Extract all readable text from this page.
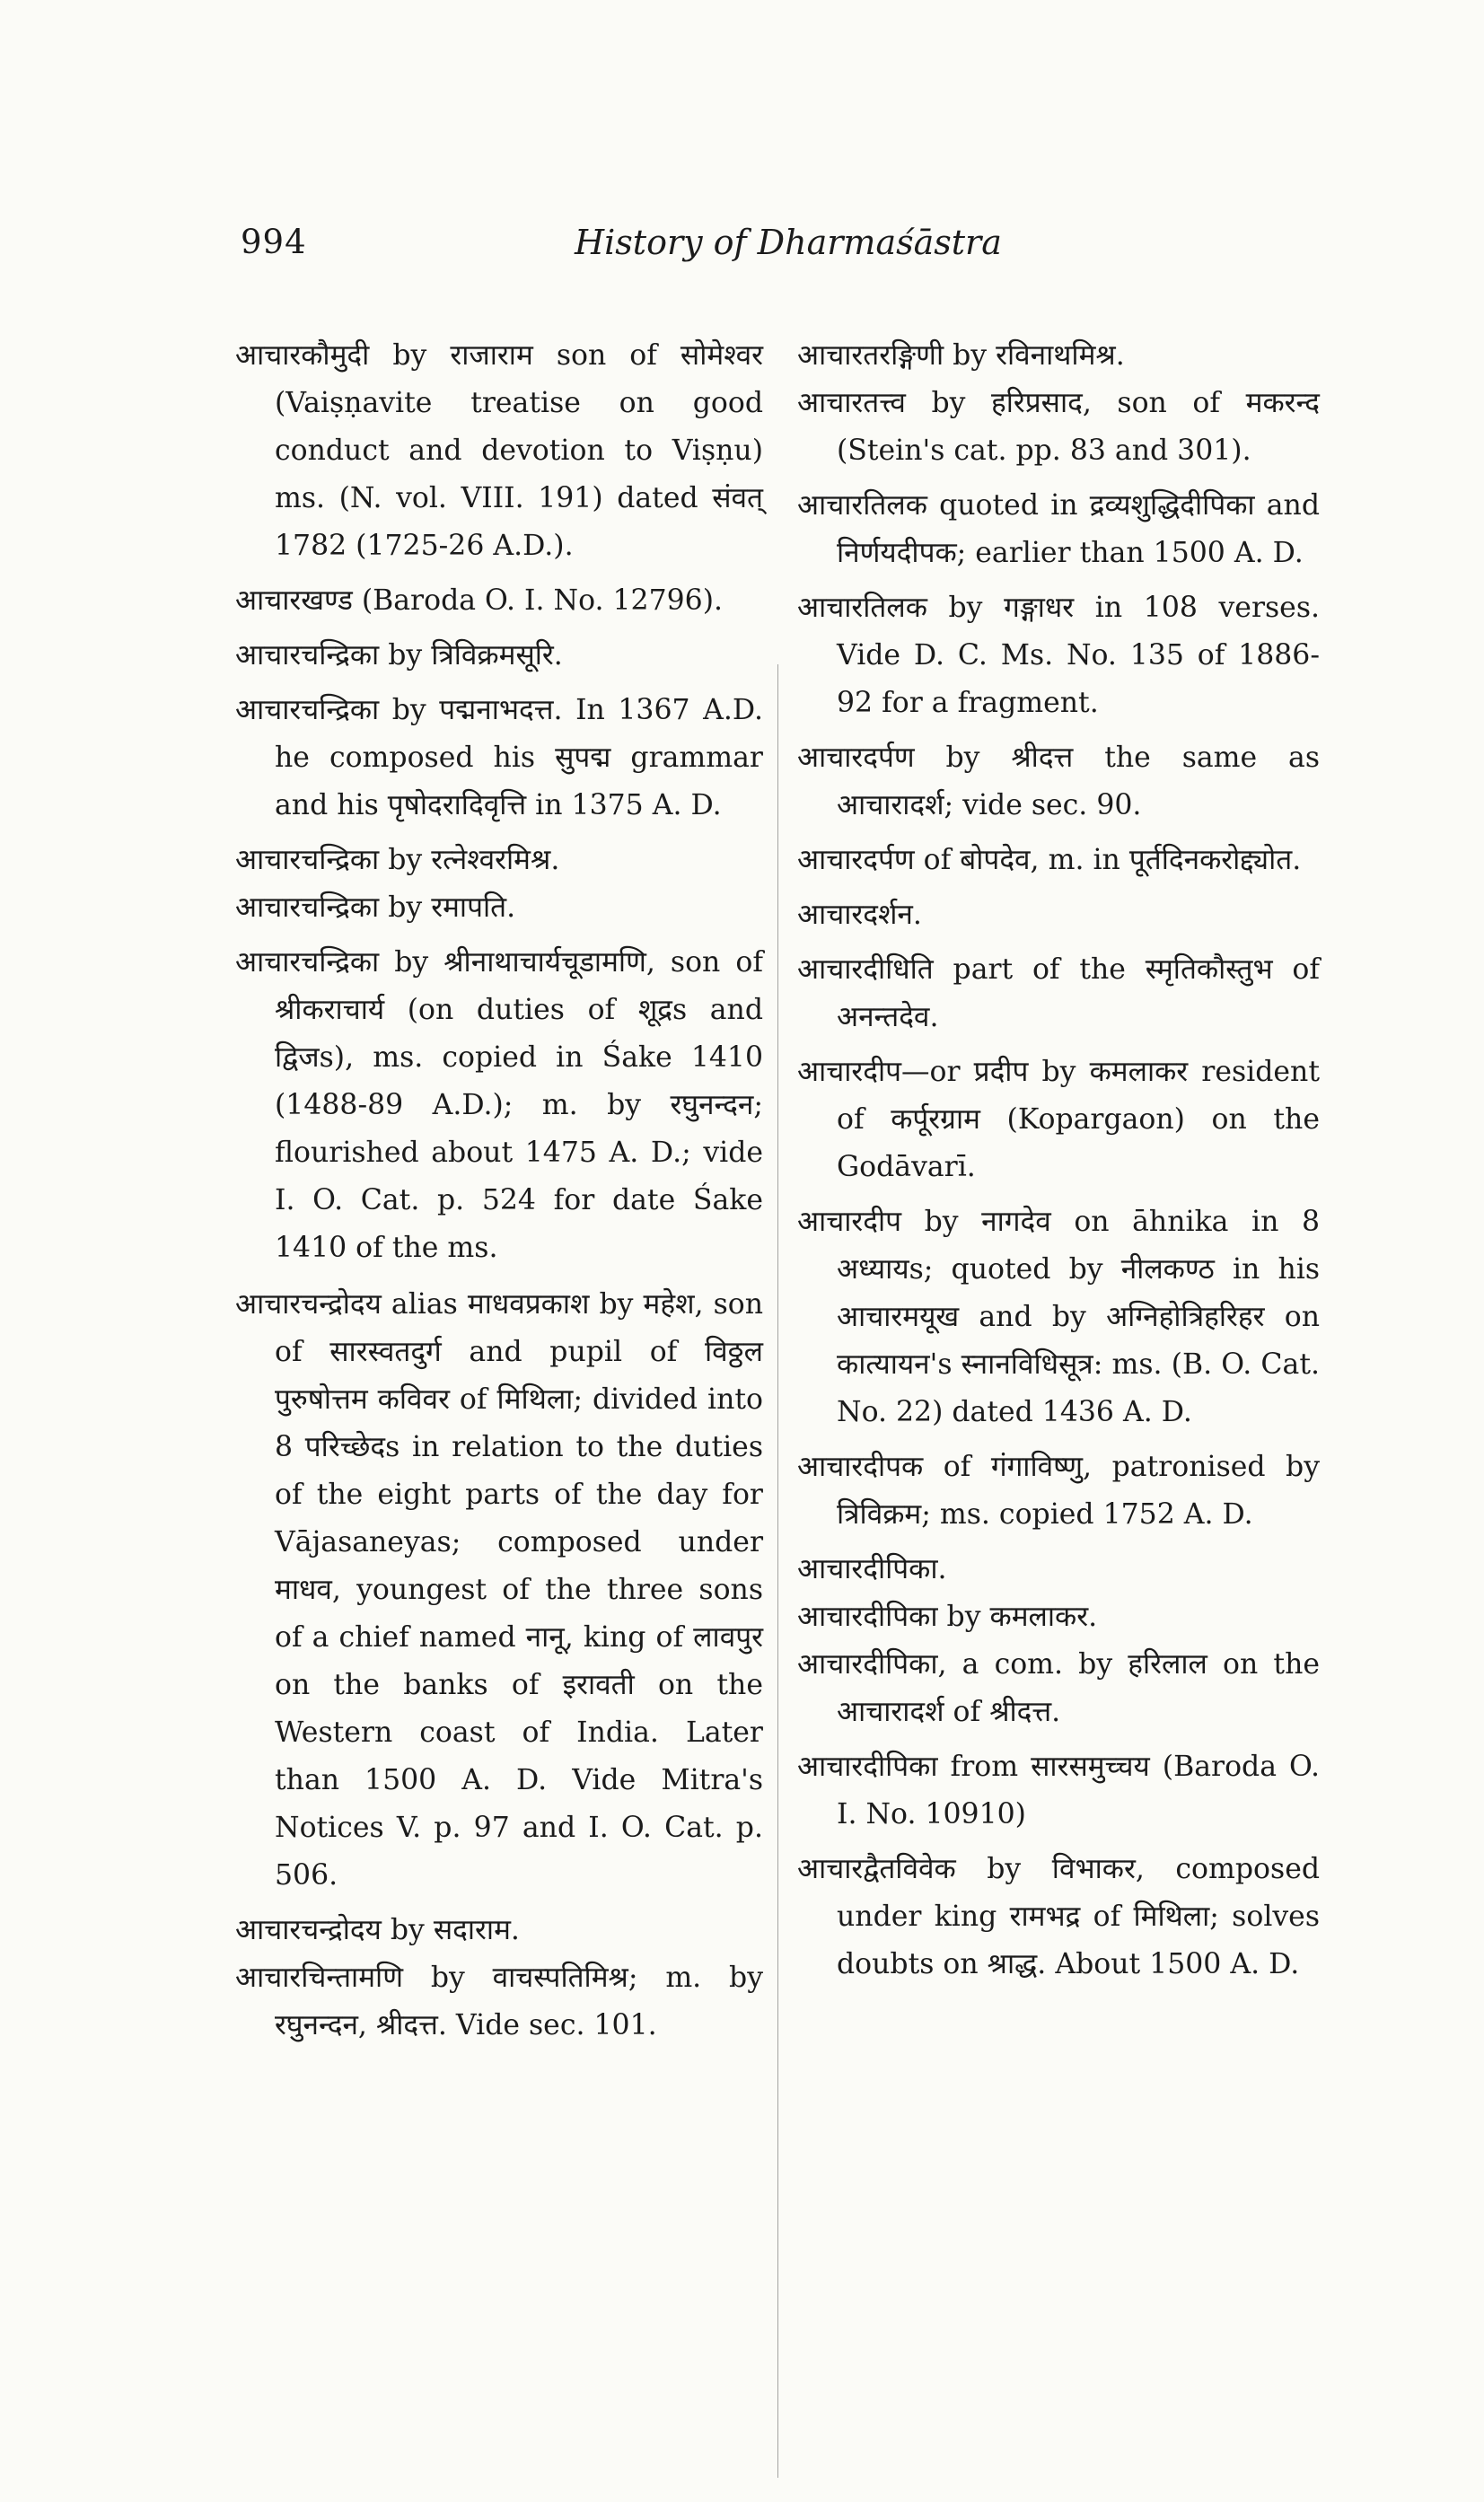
994	History of Dharmaśāstra

आचारकौमुदी by राजाराम son of सोमेश्वर (Vaiṣṇavite treatise on good conduct and devotion to Viṣṇu) ms. (N. vol. VIII. 191) dated संवत् 1782 (1725-26 A.D.).

आचारखण्ड (Baroda O. I. No. 12796).

आचारचन्द्रिका by त्रिविक्रमसूरि.

आचारचन्द्रिका by पद्मनाभदत्त. In 1367 A.D. he composed his सुपद्म grammar and his पृषोदरादिवृत्ति in 1375 A. D.

आचारचन्द्रिका by रत्नेश्वरमिश्र.

आचारचन्द्रिका by रमापति.

आचारचन्द्रिका by श्रीनाथाचार्यचूडामणि, son of श्रीकराचार्य (on duties of शूद्रs and द्विजs), ms. copied in Śake 1410 (1488-89 A.D.); m. by रघुनन्दन; flourished about 1475 A. D.; vide I. O. Cat. p. 524 for date Śake 1410 of the ms.

आचारचन्द्रोदय alias माधवप्रकाश by महेश, son of सारस्वतदुर्ग and pupil of विठ्ठल पुरुषोत्तम कविवर of मिथिला; divided into 8 परिच्छेदs in relation to the duties of the eight parts of the day for Vājasaneyas; composed under माधव, youngest of the three sons of a chief named नानू, king of लावपुर on the banks of इरावती on the Western coast of India. Later than 1500 A. D. Vide Mitra's Notices V. p. 97 and I. O. Cat. p. 506.

आचारचन्द्रोदय by सदाराम.

आचारचिन्तामणि by वाचस्पतिमिश्र; m. by रघुनन्दन, श्रीदत्त. Vide sec. 101.

आचारतरङ्गिणी by रविनाथमिश्र.

आचारतत्त्व by हरिप्रसाद, son of मकरन्द (Stein's cat. pp. 83 and 301).

आचारतिलक quoted in द्रव्यशुद्धिदीपिका and निर्णयदीपक; earlier than 1500 A. D.

आचारतिलक by गङ्गाधर in 108 verses. Vide D. C. Ms. No. 135 of 1886-92 for a fragment.

आचारदर्पण by श्रीदत्त the same as आचारादर्श; vide sec. 90.

आचारदर्पण of बोपदेव, m. in पूर्तदिनकरोद्द्योत.

आचारदर्शन.

आचारदीधिति part of the स्मृतिकौस्तुभ of अनन्तदेव.

आचारदीप—or प्रदीप by कमलाकर resident of कर्पूरग्राम (Kopargaon) on the Godāvarī.

आचारदीप by नागदेव on āhnika in 8 अध्यायs; quoted by नीलकण्ठ in his आचारमयूख and by अग्निहोत्रिहरिहर on कात्यायन's स्नानविधिसूत्र: ms. (B. O. Cat. No. 22) dated 1436 A. D.

आचारदीपक of गंगाविष्णु, patronised by त्रिविक्रम; ms. copied 1752 A. D.

आचारदीपिका.

आचारदीपिका by कमलाकर.

आचारदीपिका, a com. by हरिलाल on the आचारादर्श of श्रीदत्त.

आचारदीपिका from सारसमुच्चय (Baroda O. I. No. 10910)

आचारद्वैतविवेक by विभाकर, composed under king रामभद्र of मिथिला; solves doubts on श्राद्ध. About 1500 A. D.
